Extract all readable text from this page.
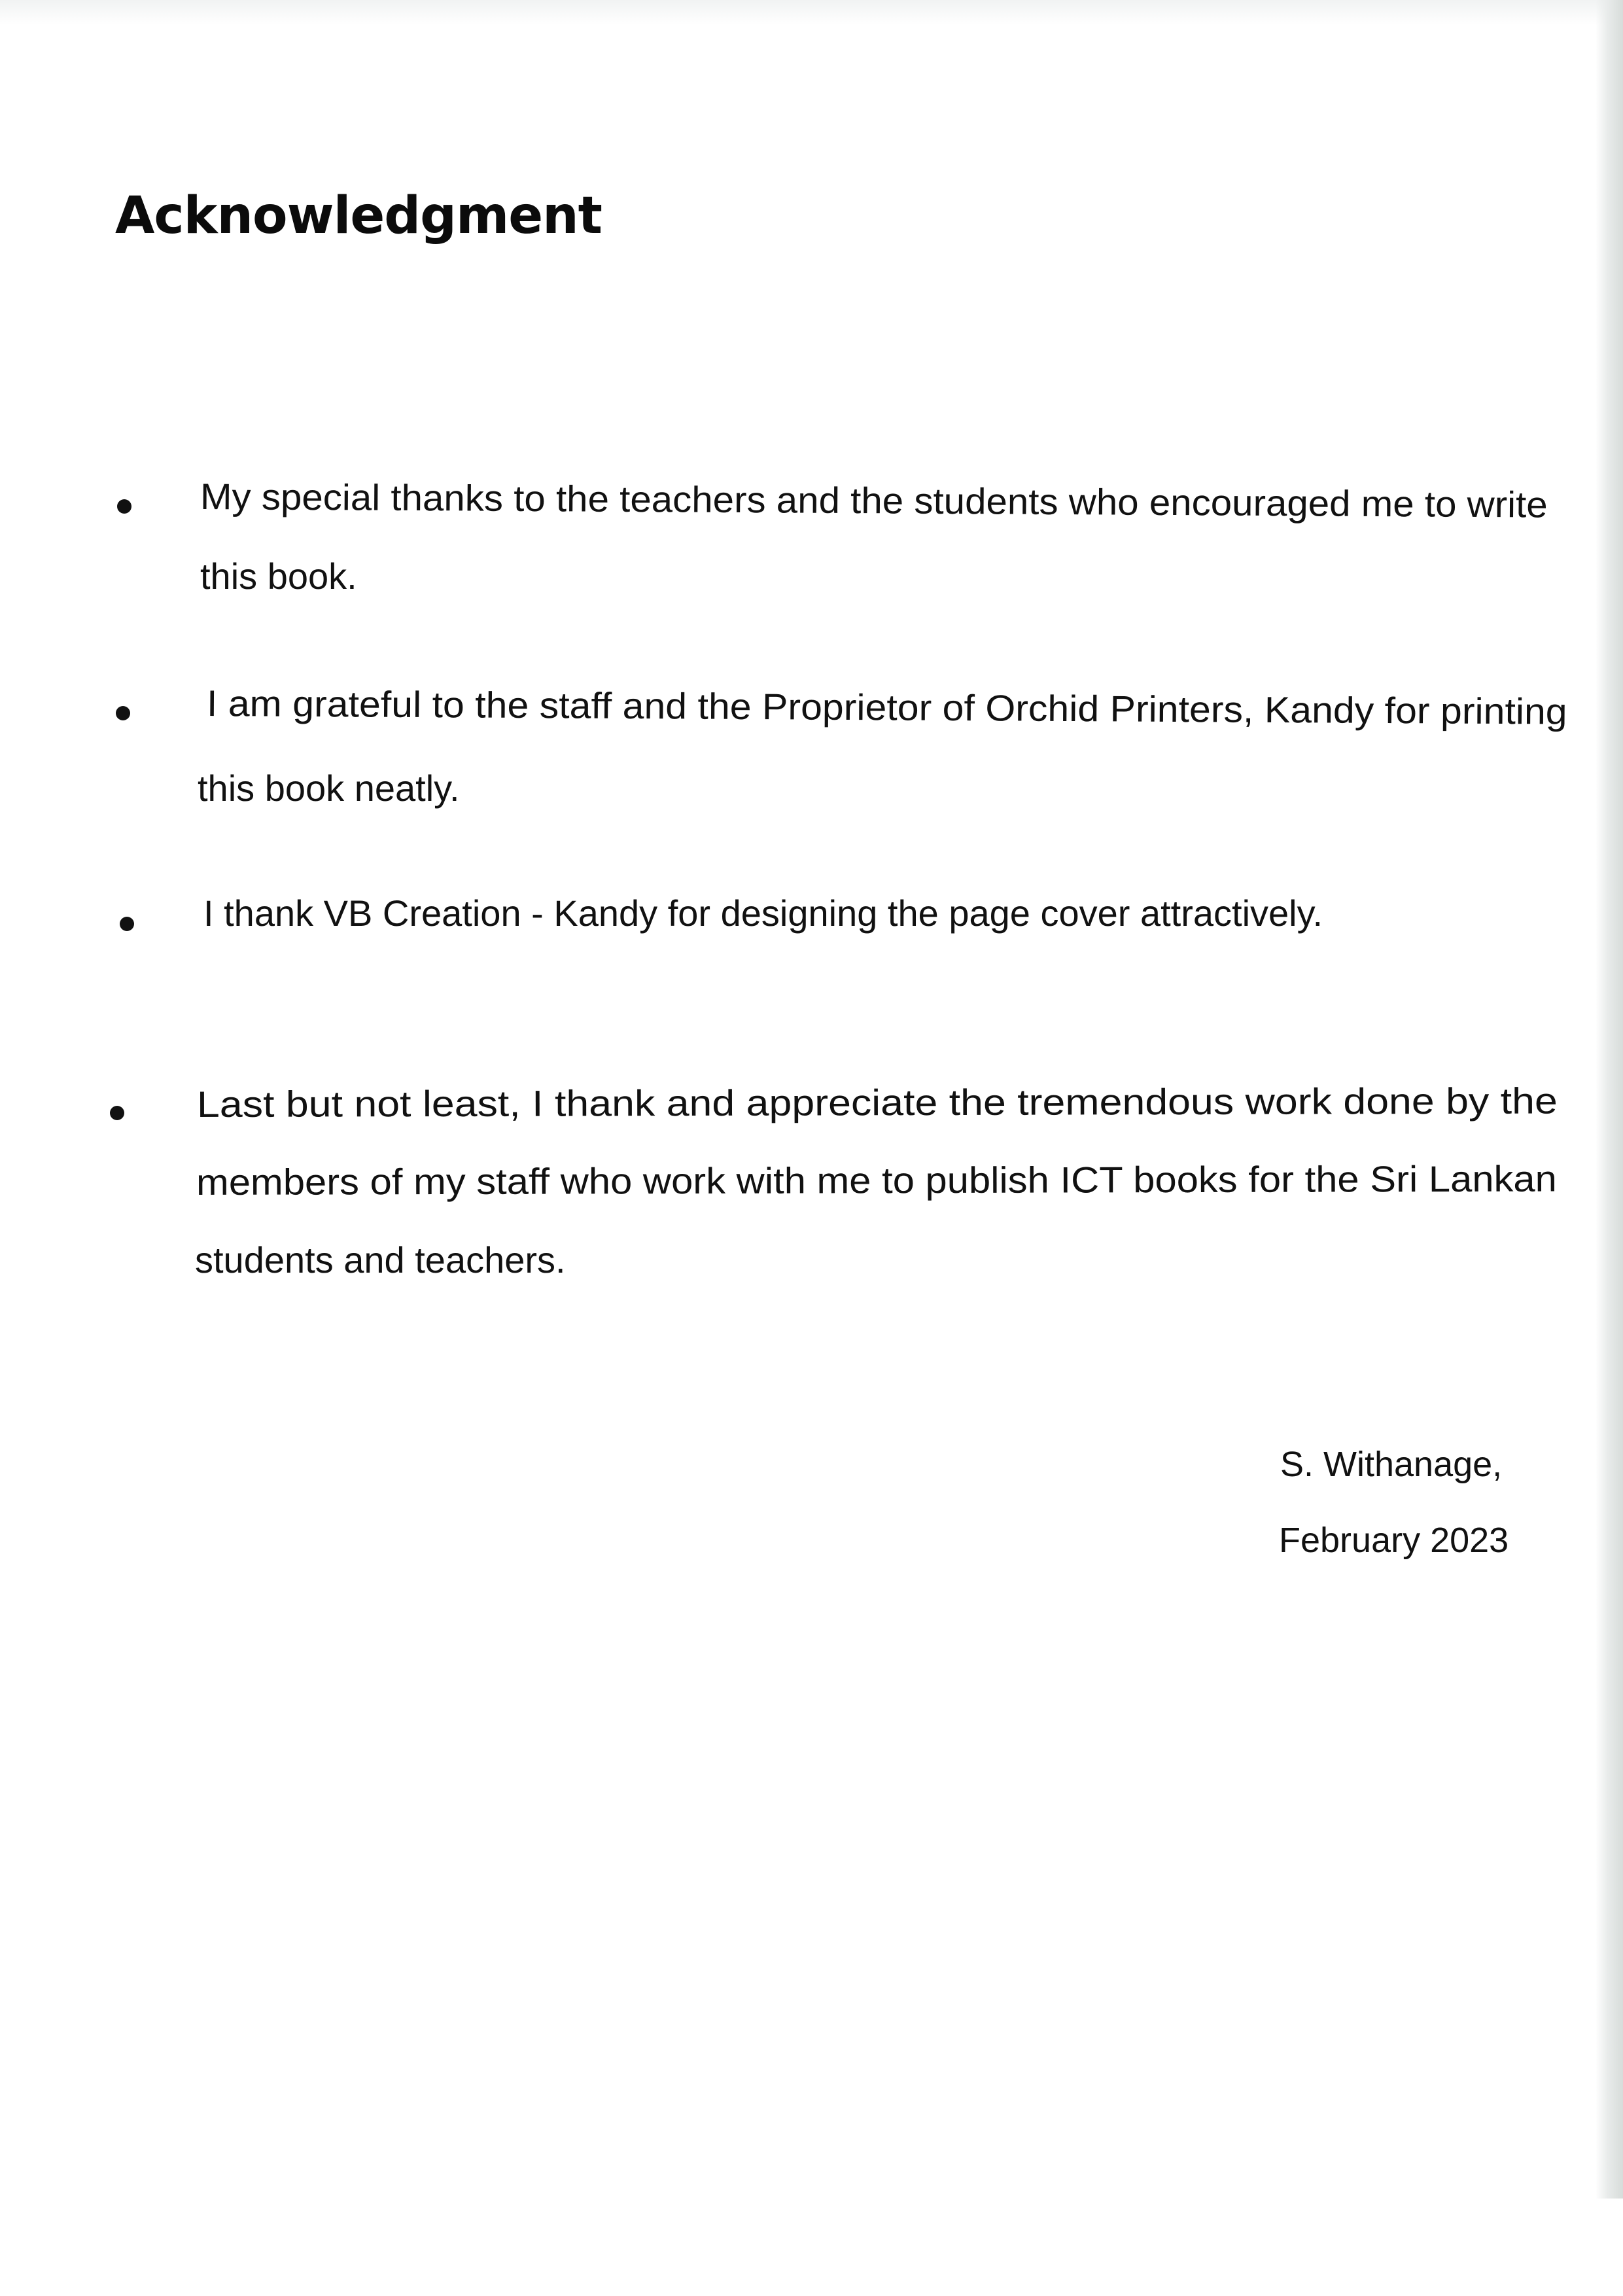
Acknowledgment

My special thanks to the teachers and the students who encouraged me to write

this book.

I am grateful to the staff and the Proprietor of Orchid Printers, Kandy for printing

this book neatly.

I thank VB Creation - Kandy for designing the page cover attractively.

Last but not least, I thank and appreciate the tremendous work done by the

members of my staff who work with me to publish ICT books for the Sri Lankan

students and teachers.

S. Withanage,
February 2023
